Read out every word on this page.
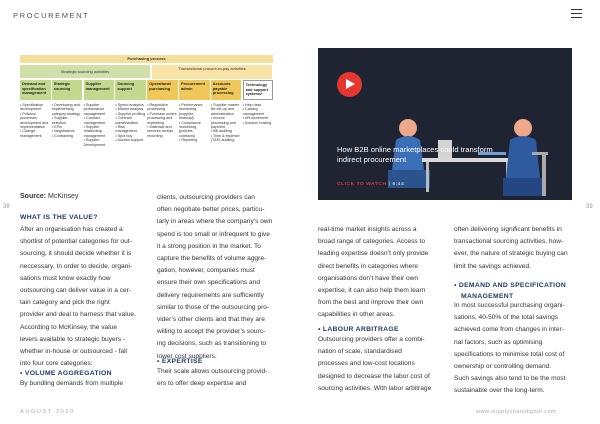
PROCUREMENT
Purchasing process
Strategic sourcing activities
Transactional procure-to-pay activities
Demand and specification management
• Specification development
• Policies/ processes development and implementation
• Change management
Strategic sourcing
• Developing and implementing category strategy
• Supplier selection
• KPIs
• Negotiations
• Contracting
Supplier management
• Supplier performance management
• Contract management
• Supplier relationship management
• Supplier Development
Sourcing support
• Spend analytics
• Market analysis
• Supplier profiling
• Contract administration
• Risk management
• Spot buy
• Auction support
Operational purchasing
• Requisition processing
• Purchase orders processing and expediting
• Materials and services receipt recording
Procurement admin
• Performance monitoring (supplier, financial)
• Compliance monitoring (policies, contracts)
• Reporting
Accounts payable processing
• Supplier master file set-up and administration
• Invoice processing and payment
• Bill auditing
• Time & expense (T&E) auditing
Technology and support systems*
• Help desk
• Catalog management
• eProcurement
• Solution hosting
Source: McKinsey
38	39
WHAT IS THE VALUE?
After an organisation has created a
shortlist of potential categories for out-
sourcing, it should decide whether it is
neccessary. In order to decide, organi-
sations must know exactly how
outsourcing can deliver value in a cer-
tain category and pick the right
provider and deal to harness that value.
According to McKinsey, the value
levers available to strategic buyers -
whether in-house or outsourced - fall
into four core categories:
• VOLUME AGGREGATION
By bundling demands from multiple
clients, outsourcing providers can
often negotiate better prices, particu-
larly in areas where the company’s own
spend is too small or infrequent to give
it a strong position in the market. To
capture the benefits of volume aggre-
gation, however, companies must
ensure their own specifications and
delivery requirements are sufficiently
similar to those of the outsourcing pro-
vider’s other clients and that they are
willing to accept the provider’s sourc-
ing decisions, such as transitioning to
lower cost suppliers.
• EXPERTISE
Their scale allows outsourcing provid-
ers to offer deep expertise and
How B2B online marketplaces could transform indirect procurement
CLICK TO WATCH | 6:44
real-time market insights across a
broad range of categories. Access to
leading expertise doesn’t only provide
direct benefits in categories where
organisations don’t have their own
expertise, it can also help them learn
from the best and improve their own
capabilities in other areas.
• LABOUR ARBITRAGE
Outsourcing providers offer a combi-
nation of scale, standardised
processes and low-cost locations
designed to decrease the labor cost of
sourcing activities. With labor arbitrage
often delivering significant benefits in
transactional sourcing activities, how-
ever, the nature of strategic buying can
limit the savings achieved.
• DEMAND AND SPECIFICATION
MANAGEMENT
In most successful purchasing organi-
sations, 40-50% of the total savings
achieved come from changes in inter-
nal factors, such as optimising
specifications to minimise total cost of
ownership or controlling demand.
Such savings also tend to be the most
sustainable over the long-term.
AUGUST 2020	www.supplychaindigital.com
